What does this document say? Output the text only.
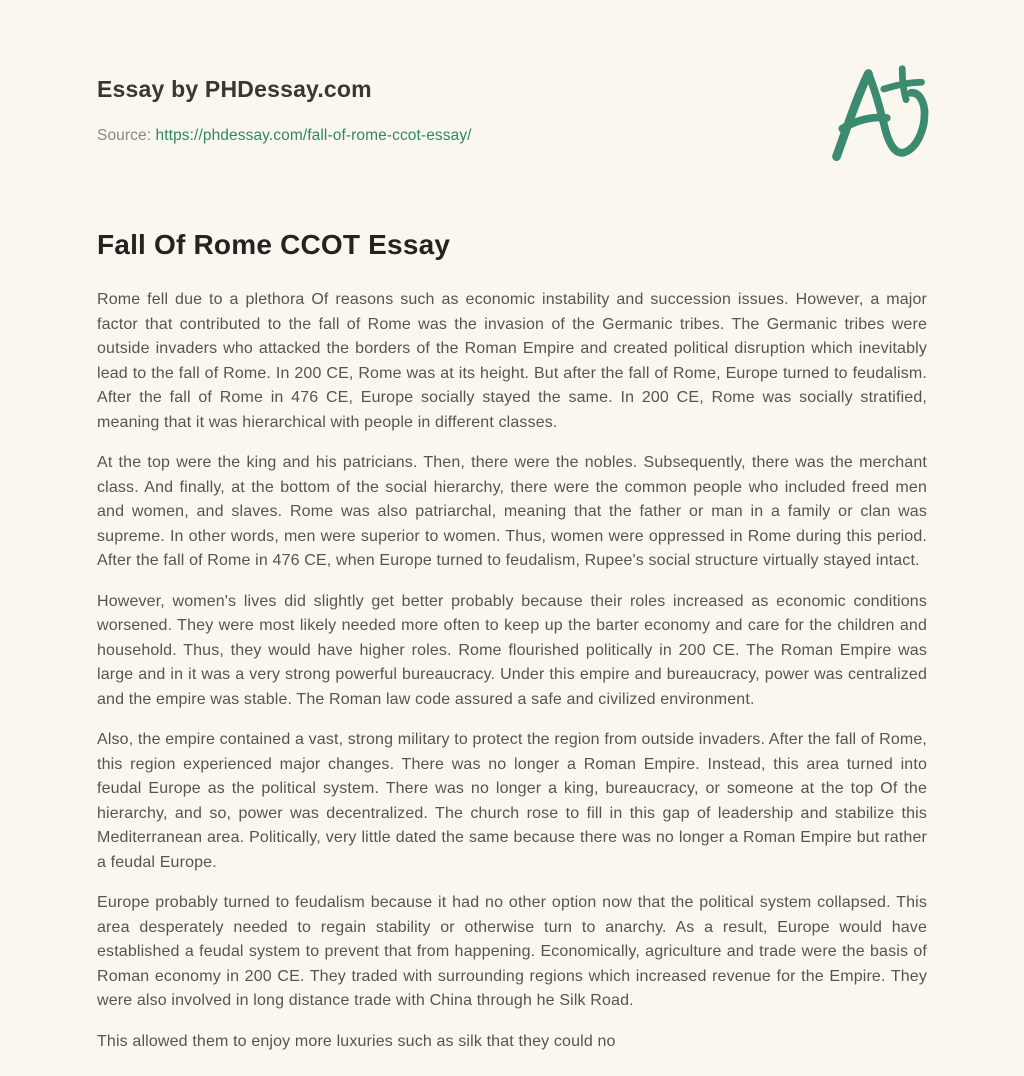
Essay by PHDessay.com
Source: https://phdessay.com/fall-of-rome-ccot-essay/
Fall Of Rome CCOT Essay

Rome fell due to a plethora Of reasons such as economic instability and succession issues. However, a major factor that contributed to the fall of Rome was the invasion of the Germanic tribes. The Germanic tribes were outside invaders who attacked the borders of the Roman Empire and created political disruption which inevitably lead to the fall of Rome. In 200 CE, Rome was at its height. But after the fall of Rome, Europe turned to feudalism. After the fall of Rome in 476 CE, Europe socially stayed the same. In 200 CE, Rome was socially stratified, meaning that it was hierarchical with people in different classes.

At the top were the king and his patricians. Then, there were the nobles. Subsequently, there was the merchant class. And finally, at the bottom of the social hierarchy, there were the common people who included freed men and women, and slaves. Rome was also patriarchal, meaning that the father or man in a family or clan was supreme. In other words, men were superior to women. Thus, women were oppressed in Rome during this period. After the fall of Rome in 476 CE, when Europe turned to feudalism, Rupee's social structure virtually stayed intact.

However, women's lives did slightly get better probably because their roles increased as economic conditions worsened. They were most likely needed more often to keep up the barter economy and care for the children and household. Thus, they would have higher roles. Rome flourished politically in 200 CE. The Roman Empire was large and in it was a very strong powerful bureaucracy. Under this empire and bureaucracy, power was centralized and the empire was stable. The Roman law code assured a safe and civilized environment.

Also, the empire contained a vast, strong military to protect the region from outside invaders. After the fall of Rome, this region experienced major changes. There was no longer a Roman Empire. Instead, this area turned into feudal Europe as the political system. There was no longer a king, bureaucracy, or someone at the top Of the hierarchy, and so, power was decentralized. The church rose to fill in this gap of leadership and stabilize this Mediterranean area. Politically, very little dated the same because there was no longer a Roman Empire but rather a feudal Europe.

Europe probably turned to feudalism because it had no other option now that the political system collapsed. This area desperately needed to regain stability or otherwise turn to anarchy. As a result, Europe would have established a feudal system to prevent that from happening. Economically, agriculture and trade were the basis of Roman economy in 200 CE. They traded with surrounding regions which increased revenue for the Empire. They were also involved in long distance trade with China through he Silk Road.

This allowed them to enjoy more luxuries such as silk that they could no
